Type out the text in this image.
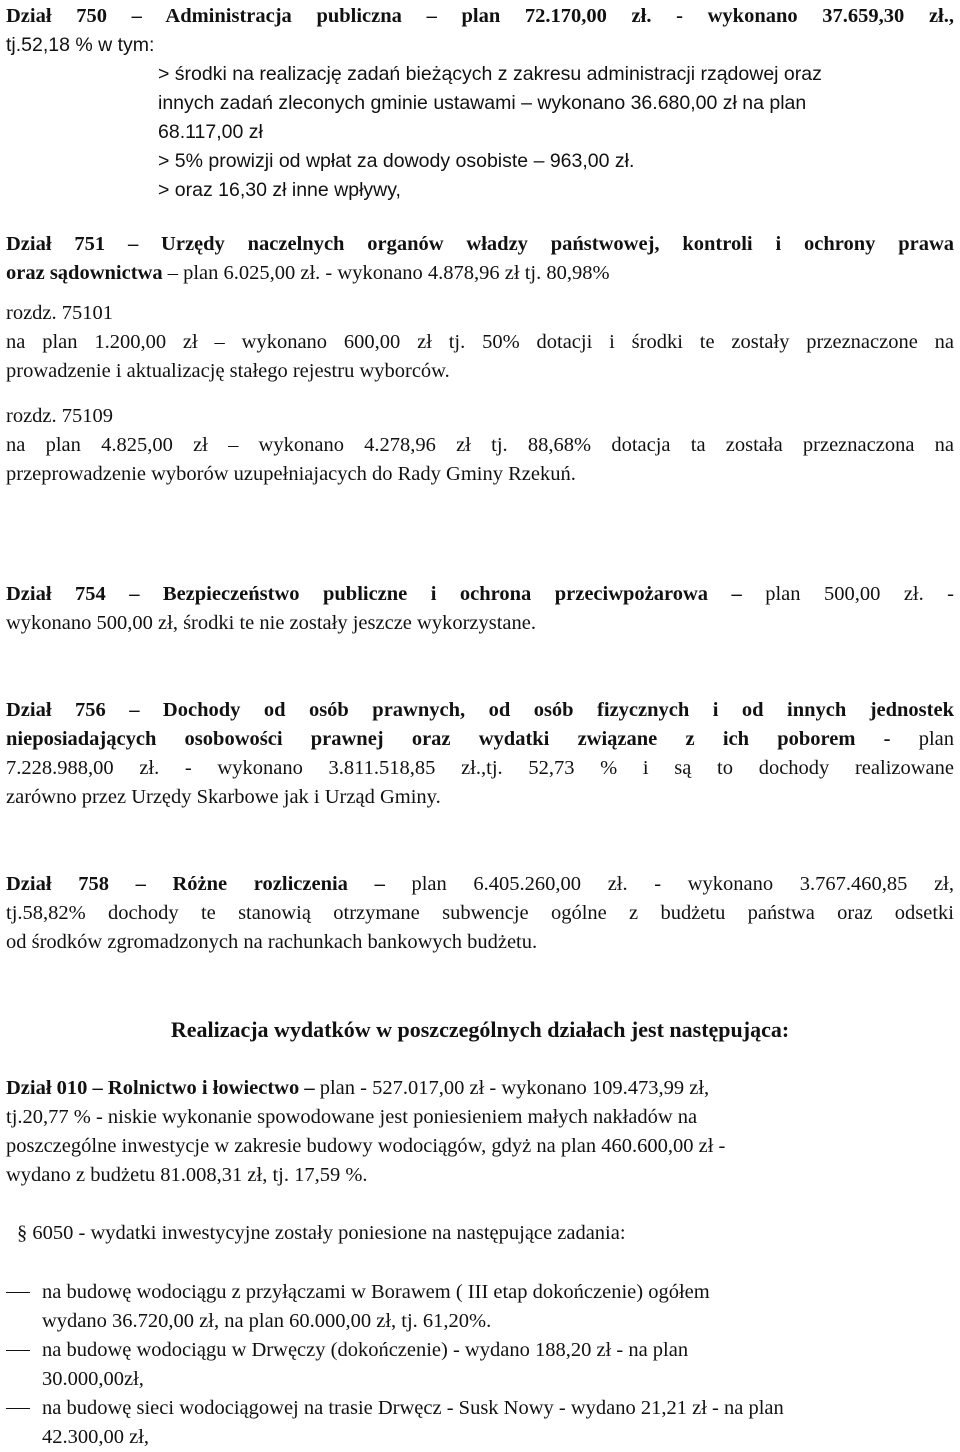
Dział 750 – Administracja publiczna – plan 72.170,00 zł. - wykonano 37.659,30 zł.,
tj.52,18 % w tym:
> środki na realizację zadań bieżących z zakresu administracji rządowej oraz
innych zadań zleconych gminie ustawami – wykonano 36.680,00 zł na plan
68.117,00 zł
> 5% prowizji od wpłat za dowody osobiste – 963,00 zł.
> oraz 16,30 zł inne wpływy,
Dział 751 – Urzędy naczelnych organów władzy państwowej, kontroli i ochrony prawa
oraz sądownictwa – plan 6.025,00 zł. - wykonano 4.878,96 zł tj. 80,98%
rozdz. 75101
na plan 1.200,00 zł – wykonano 600,00 zł tj. 50% dotacji i środki te zostały przeznaczone na
prowadzenie i aktualizację stałego rejestru wyborców.
rozdz. 75109
na plan 4.825,00 zł – wykonano 4.278,96 zł tj. 88,68% dotacja ta została przeznaczona na
przeprowadzenie wyborów uzupełniajacych do Rady Gminy Rzekuń.
Dział 754 – Bezpieczeństwo publiczne i ochrona przeciwpożarowa – plan 500,00 zł. -
wykonano 500,00 zł, środki te nie zostały jeszcze wykorzystane.
Dział 756 – Dochody od osób prawnych, od osób fizycznych i od innych jednostek
nieposiadających osobowości prawnej oraz wydatki związane z ich poborem - plan
7.228.988,00 zł. - wykonano 3.811.518,85 zł.,tj. 52,73 % i są to dochody realizowane
zarówno przez Urzędy Skarbowe jak i Urząd Gminy.
Dział 758 – Różne rozliczenia – plan 6.405.260,00 zł. - wykonano 3.767.460,85 zł,
tj.58,82% dochody te stanowią otrzymane subwencje ogólne z budżetu państwa oraz odsetki
od środków zgromadzonych na rachunkach bankowych budżetu.
Realizacja wydatków w poszczególnych działach jest następująca:
Dział 010 – Rolnictwo i łowiectwo – plan - 527.017,00 zł - wykonano 109.473,99 zł,
tj.20,77 % - niskie wykonanie spowodowane jest poniesieniem małych nakładów na
poszczególne inwestycje w zakresie budowy wodociągów, gdyż na plan 460.600,00 zł -
wydano z budżetu 81.008,31 zł, tj. 17,59 %.
§ 6050 - wydatki inwestycyjne zostały poniesione na następujące zadania:
na budowę wodociągu z przyłączami w Borawem ( III etap dokończenie) ogółem
wydano 36.720,00 zł, na plan 60.000,00 zł, tj. 61,20%.
na budowę wodociągu w Drwęczy (dokończenie) - wydano 188,20 zł - na plan
30.000,00zł,
na budowę sieci wodociągowej na trasie Drwęcz - Susk Nowy - wydano 21,21 zł - na plan
42.300,00 zł,
